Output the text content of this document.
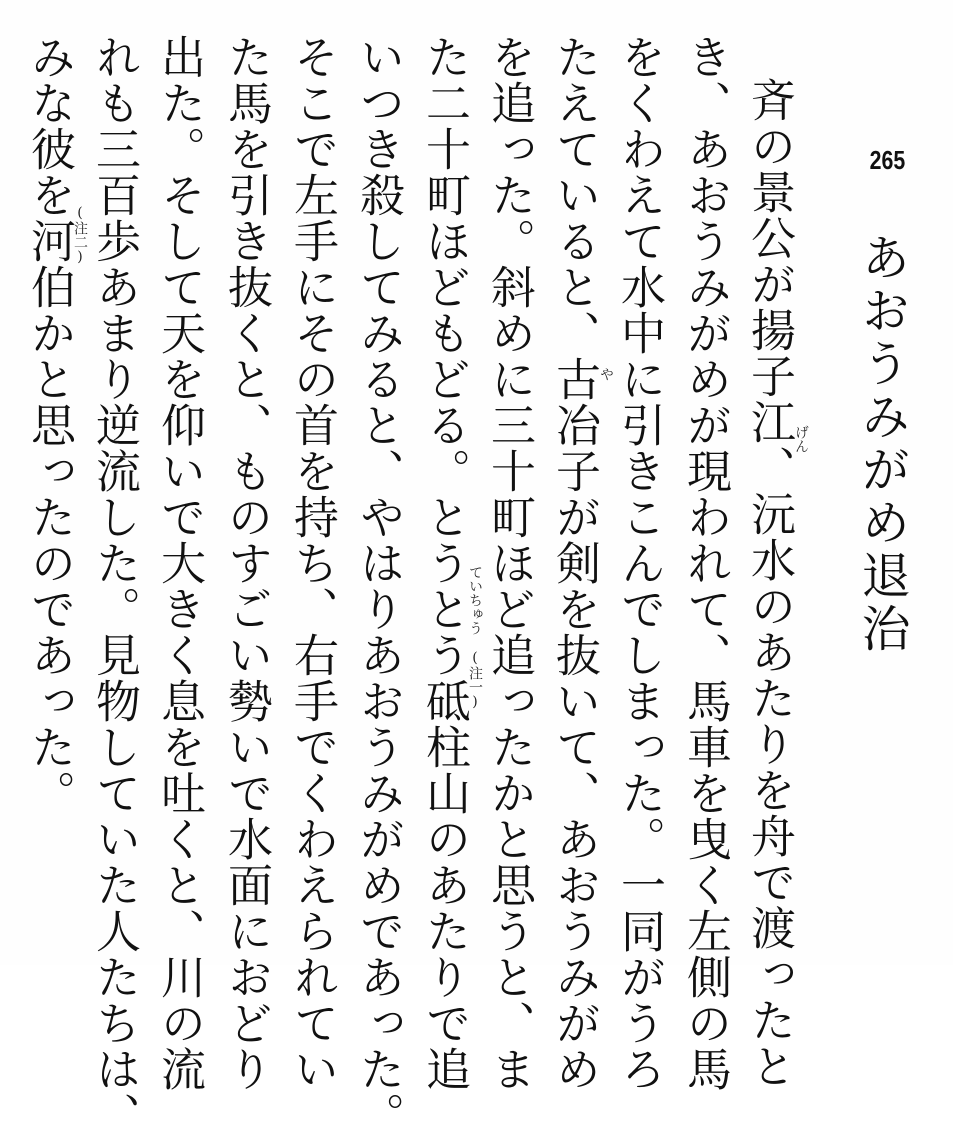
265
あおうみがめ退治
斉の景公が揚子江、沅水のあたりを舟で渡ったと
き、あおうみがめが現われて、馬車を曳く左側の馬
をくわえて水中に引きこんでしまった。一同がうろ
たえていると、古冶子が剣を抜いて、あおうみがめ
を追った。斜めに三十町ほど追ったかと思うと、ま
た二十町ほどもどる。とうとう砥柱山のあたりで追
いつき殺してみると、やはりあおうみがめであった。
そこで左手にその首を持ち、右手でくわえられてい
た馬を引き抜くと、ものすごい勢いで水面におどり
出た。そして天を仰いで大きく息を吐くと、川の流
れも三百歩あまり逆流した。見物していた人たちは、
みな彼を河伯かと思ったのであった。	げん
や
ていちゅう
(注一)
(注二)
